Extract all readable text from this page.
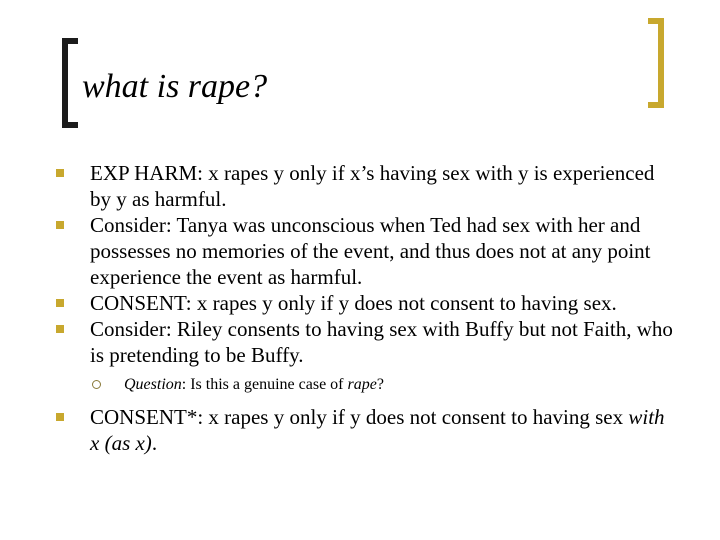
what is rape?
EXP HARM: x rapes y only if x’s having sex with y is experienced by y as harmful.
Consider: Tanya was unconscious when Ted had sex with her and possesses no memories of the event, and thus does not at any point experience the event as harmful.
CONSENT: x rapes y only if y does not consent to having sex.
Consider: Riley consents to having sex with Buffy but not Faith, who is pretending to be Buffy.
Question: Is this a genuine case of rape?
CONSENT*: x rapes y only if y does not consent to having sex with x (as x).
